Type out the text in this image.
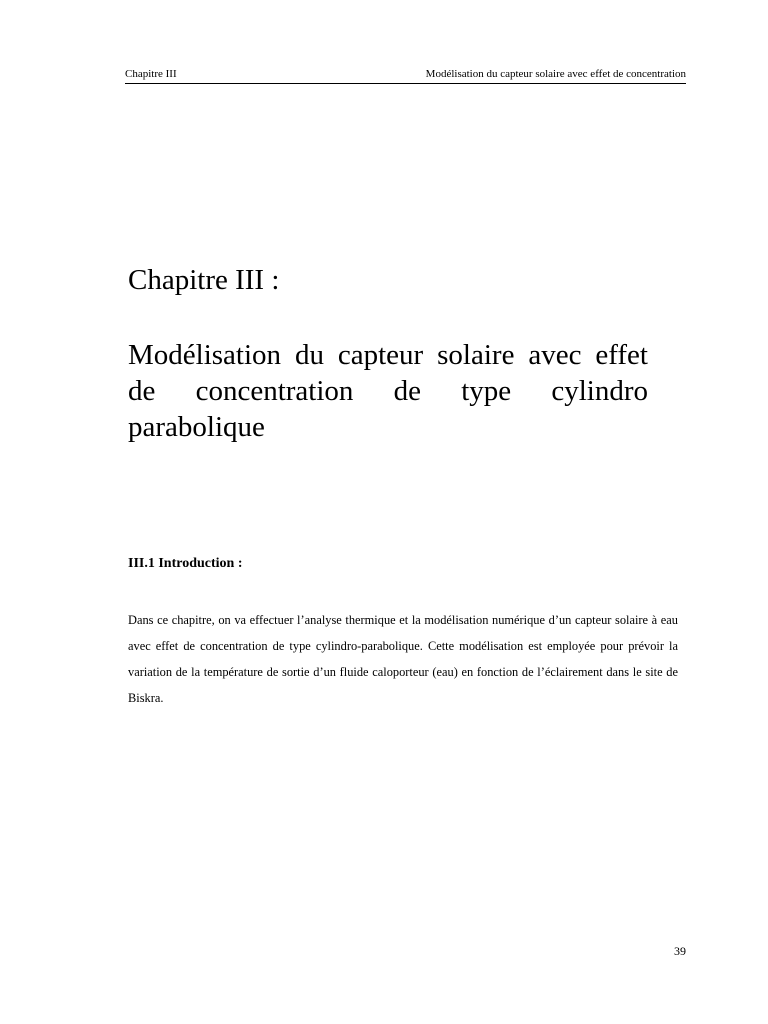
Chapitre III	Modélisation du capteur solaire avec effet de concentration
Chapitre III :
Modélisation du capteur solaire avec effet de concentration de type cylindro parabolique
III.1 Introduction :

Dans ce chapitre, on va effectuer l’analyse thermique et la modélisation numérique d’un capteur solaire à eau avec effet de concentration de type cylindro-parabolique. Cette modélisation est employée pour prévoir la variation de la température de sortie d’un fluide caloporteur (eau) en fonction de l’éclairement dans le site de Biskra.

39
